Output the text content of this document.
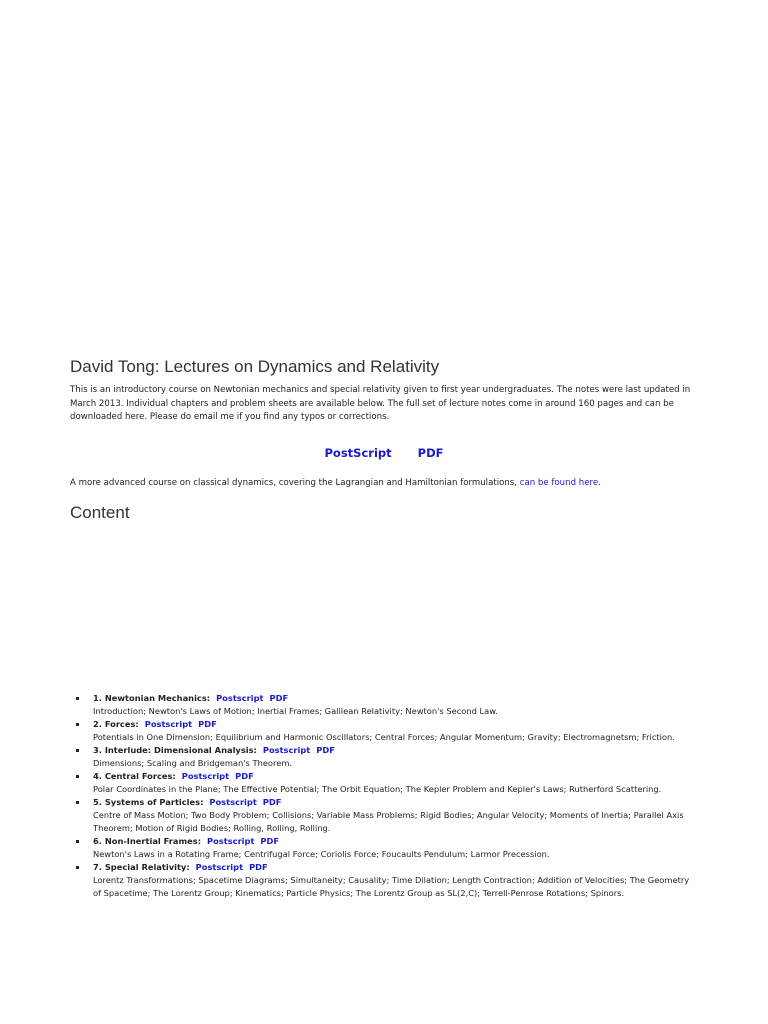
David Tong: Lectures on Dynamics and Relativity

This is an introductory course on Newtonian mechanics and special relativity given to first year undergraduates. The notes were last updated in March 2013. Individual chapters and problem sheets are available below. The full set of lecture notes come in around 160 pages and can be downloaded here. Please do email me if you find any typos or corrections.

PostScript PDF

A more advanced course on classical dynamics, covering the Lagrangian and Hamiltonian formulations, can be found here.

Content
1. Newtonian Mechanics: Postscript PDF
Introduction; Newton's Laws of Motion; Inertial Frames; Galilean Relativity; Newton's Second Law.
2. Forces: Postscript PDF
Potentials in One Dimension; Equilibrium and Harmonic Oscillators; Central Forces; Angular Momentum; Gravity; Electromagnetsm; Friction.
3. Interlude: Dimensional Analysis: Postscript PDF
Dimensions; Scaling and Bridgeman's Theorem.
4. Central Forces: Postscript PDF
Polar Coordinates in the Plane; The Effective Potential; The Orbit Equation; The Kepler Problem and Kepler's Laws; Rutherford Scattering.
5. Systems of Particles: Postscript PDF
Centre of Mass Motion; Two Body Problem; Collisions; Variable Mass Problems; Rigid Bodies; Angular Velocity; Moments of Inertia; Parallel Axis Theorem; Motion of Rigid Bodies; Rolling, Rolling, Rolling.
6. Non-Inertial Frames: Postscript PDF
Newton's Laws in a Rotating Frame; Centrifugal Force; Coriolis Force; Foucaults Pendulum; Larmor Precession.
7. Special Relativity: Postscript PDF
Lorentz Transformations; Spacetime Diagrams; Simultaneity; Causality; Time Dilation; Length Contraction; Addition of Velocities; The Geometry of Spacetime; The Lorentz Group; Kinematics; Particle Physics; The Lorentz Group as SL(2,C); Terrell-Penrose Rotations; Spinors.
